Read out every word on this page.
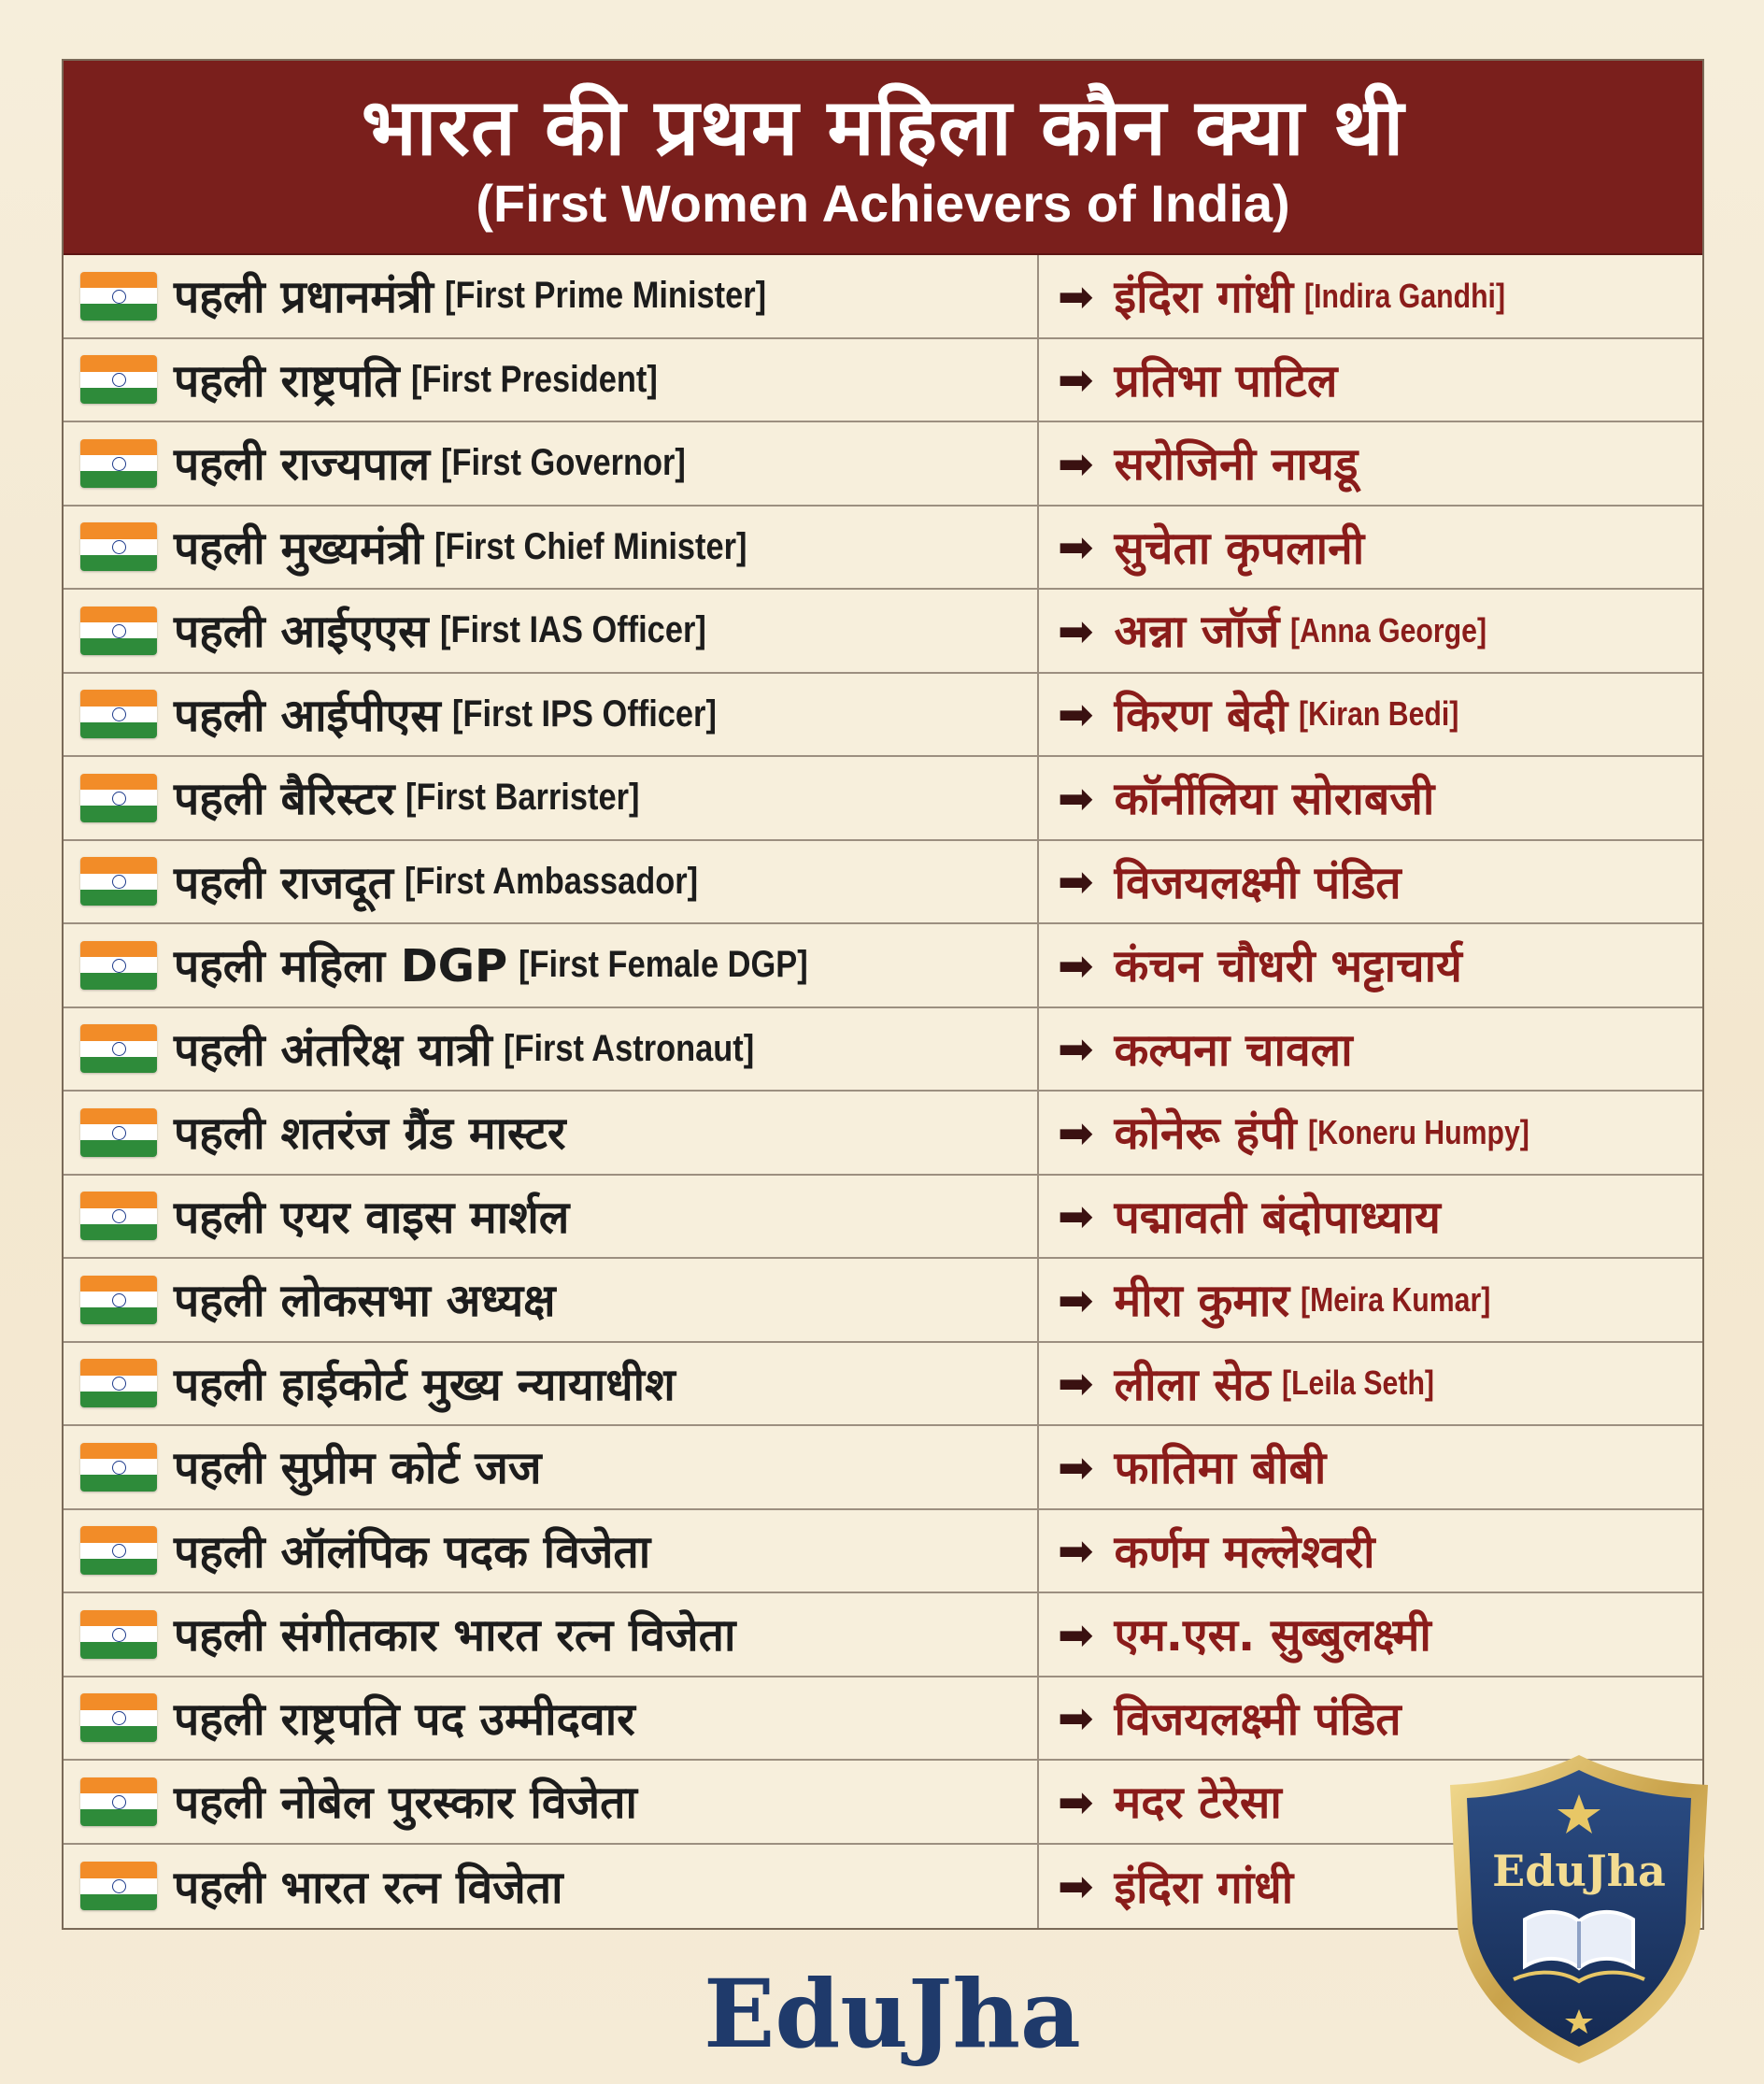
भारत की प्रथम महिला कौन क्या थी
(First Women Achievers of India)
पहली प्रधानमंत्री [First Prime Minister]	➡ इंदिरा गांधी [Indira Gandhi]
पहली राष्ट्रपति [First President]	➡ प्रतिभा पाटिल
पहली राज्यपाल [First Governor]	➡ सरोजिनी नायडू
पहली मुख्यमंत्री [First Chief Minister]	➡ सुचेता कृपलानी
पहली आईएएस [First IAS Officer]	➡ अन्ना जॉर्ज [Anna George]
पहली आईपीएस [First IPS Officer]	➡ किरण बेदी [Kiran Bedi]
पहली बैरिस्टर [First Barrister]	➡ कॉर्नीलिया सोराबजी
पहली राजदूत [First Ambassador]	➡ विजयलक्ष्मी पंडित
पहली महिला DGP [First Female DGP]	➡ कंचन चौधरी भट्टाचार्य
पहली अंतरिक्ष यात्री [First Astronaut]	➡ कल्पना चावला
पहली शतरंज ग्रैंड मास्टर	➡ कोनेरू हंपी [Koneru Humpy]
पहली एयर वाइस मार्शल	➡ पद्मावती बंदोपाध्याय
पहली लोकसभा अध्यक्ष	➡ मीरा कुमार [Meira Kumar]
पहली हाईकोर्ट मुख्य न्यायाधीश	➡ लीला सेठ [Leila Seth]
पहली सुप्रीम कोर्ट जज	➡ फातिमा बीबी
पहली ऑलंपिक पदक विजेता	➡ कर्णम मल्लेश्वरी
पहली संगीतकार भारत रत्न विजेता	➡ एम.एस. सुब्बुलक्ष्मी
पहली राष्ट्रपति पद उम्मीदवार	➡ विजयलक्ष्मी पंडित
पहली नोबेल पुरस्कार विजेता	➡ मदर टेरेसा
पहली भारत रत्न विजेता	➡ इंदिरा गांधी
EduJha
EduJha
